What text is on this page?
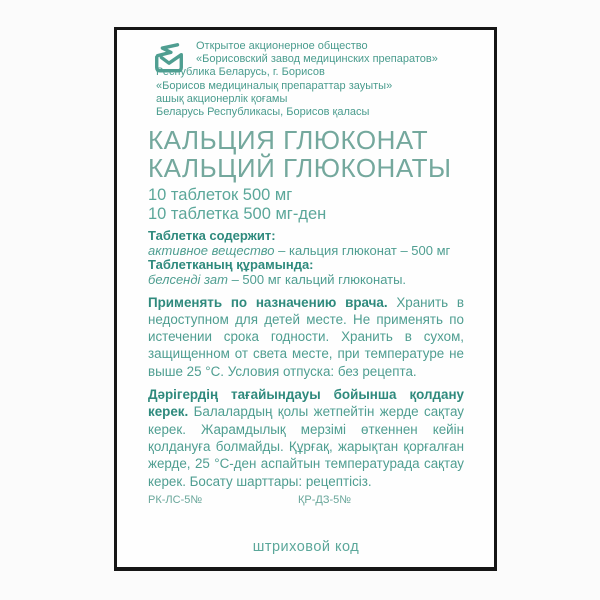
Открытое акционерное общество
«Борисовский завод медицинских препаратов»
Республика Беларусь, г. Борисов
«Борисов медициналық препараттар зауыты»
ашық акционерлік қоғамы
Беларусь Республикасы, Борисов қаласы
КАЛЬЦИЯ ГЛЮКОНАТ
КАЛЬЦИЙ ГЛЮКОНАТЫ
10 таблеток 500 мг
10 таблетка 500 мг-ден
Таблетка содержит:
активное вещество – кальция глюконат – 500 мг
Таблетканың құрамында:
белсенді зат – 500 мг кальций глюконаты.

Применять по назначению врача. Хранить в недоступном для детей месте. Не применять по истечении срока годности. Хранить в сухом, защищенном от света месте, при температуре не выше 25 °С. Условия отпуска: без рецепта.

Дәрігердің тағайындауы бойынша қолдану керек. Балалардың қолы жетпейтін жерде сақтау керек. Жарамдылық мерзімі өткеннен кейін қолдануға болмайды. Құрғақ, жарықтан қорғалған жерде, 25 °С-ден аспайтын температурада сақтау керек. Босату шарттары: рецептісіз.

РК-ЛС-5№	ҚР-ДЗ-5№
штриховой код
